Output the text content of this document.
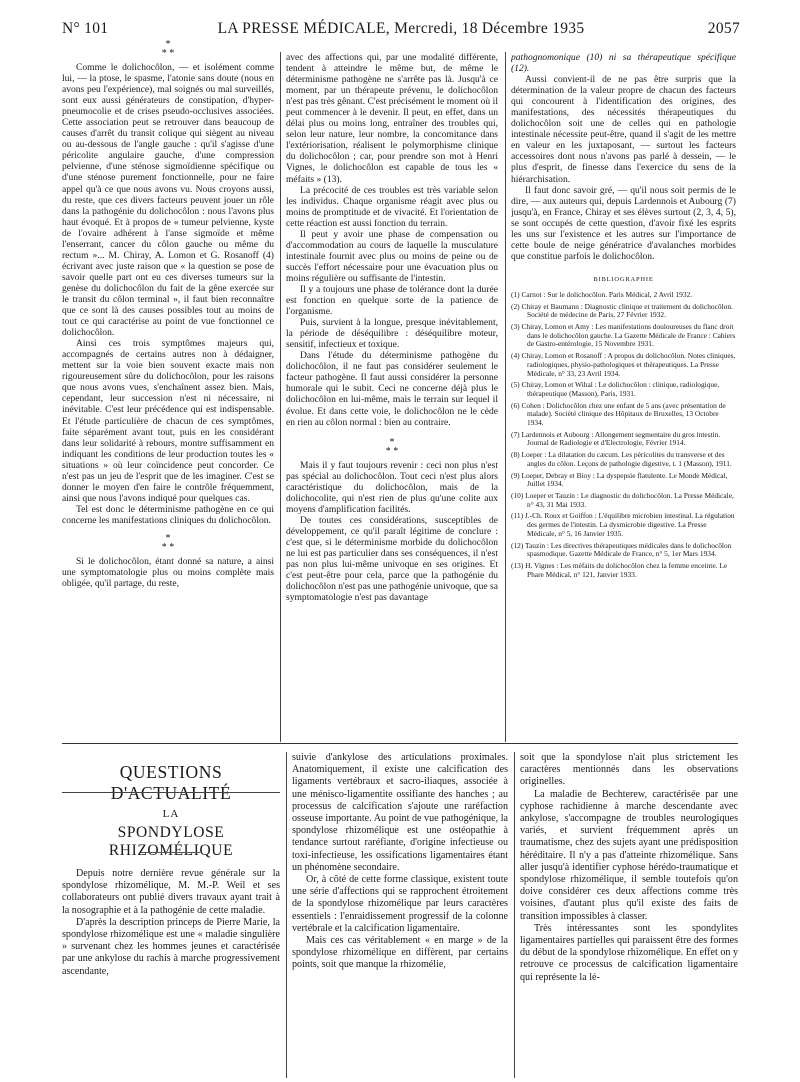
N° 101	LA PRESSE MÉDICALE, Mercredi, 18 Décembre 1935	2057
*
* *

Comme le dolichocôlon, — et isolément comme lui, — la ptose, le spasme, l'atonie sans doute (nous en avons peu l'expérience), mal soignés ou mal surveillés, sont eux aussi générateurs de constipation, d'hyper-pneumocolie et de crises pseudo-occlusives associées. Cette association peut se retrouver dans beaucoup de causes d'arrêt du transit colique qui siègent au niveau ou au-dessous de l'angle gauche : qu'il s'agisse d'une péricolite angulaire gauche, d'une compression pelvienne, d'une sténose sigmoïdienne spécifique ou d'une sténose purement fonctionnelle, pour ne faire appel qu'à ce que nous avons vu. Nous croyons aussi, du reste, que ces divers facteurs peuvent jouer un rôle dans la pathogénie du dolichocôlon : nous l'avons plus haut évoqué. Et à propos de « tumeur pelvienne, kyste de l'ovaire adhérent à l'anse sigmoïde et même l'enserrant, cancer du côlon gauche ou même du rectum »... M. Chiray, A. Lomon et G. Rosanoff (4) écrivant avec juste raison que « la question se pose de savoir quelle part ont eu ces diverses tumeurs sur la genèse du dolichocôlon du fait de la gêne exercée sur le transit du côlon terminal », il faut bien reconnaître que ce sont là des causes possibles tout au moins de tout ce qui caractérise au point de vue fonctionnel ce dolichocôlon.

Ainsi ces trois symptômes majeurs qui, accompagnés de certains autres non à dédaigner, mettent sur la voie bien souvent exacte mais non rigoureusement sûre du dolichocôlon, pour les raisons que nous avons vues, s'enchaînent assez bien. Mais, cependant, leur succession n'est ni nécessaire, ni inévitable. C'est leur précédence qui est indispensable. Et l'étude particulière de chacun de ces symptômes, faite séparément avant tout, puis en les considérant dans leur solidarité à rebours, montre suffisamment en indiquant les conditions de leur production toutes les « situations » où leur coïncidence peut concorder. Ce n'est pas un jeu de l'esprit que de les imaginer. C'est se donner le moyen d'en faire le contrôle fréquemment, ainsi que nous l'avons indiqué pour quelques cas.

Tel est donc le déterminisme pathogène en ce qui concerne les manifestations cliniques du dolichocôlon.

*
* *

Si le dolichocôlon, étant donné sa nature, a ainsi une symptomatologie plus ou moins complète mais obligée, qu'il partage, du reste,

avec des affections qui, par une modalité différente, tendent à atteindre le même but, de même le déterminisme pathogène ne s'arrête pas là. Jusqu'à ce moment, par un thérapeute prévenu, le dolichocôlon n'est pas très gênant. C'est précisément le moment où il peut commencer à le devenir. Il peut, en effet, dans un délai plus ou moins long, entraîner des troubles qui, selon leur nature, leur nombre, la concomitance dans l'extériorisation, réalisent le polymorphisme clinique du dolichocôlon ; car, pour prendre son mot à Henri Vignes, le dolichocôlon est capable de tous les « méfaits » (13).

La précocité de ces troubles est très variable selon les individus. Chaque organisme réagit avec plus ou moins de promptitude et de vivacité. Et l'orientation de cette réaction est aussi fonction du terrain.

Il peut y avoir une phase de compensation ou d'accommodation au cours de laquelle la musculature intestinale fournit avec plus ou moins de peine ou de succès l'effort nécessaire pour une évacuation plus ou moins régulière ou suffisante de l'intestin.

Il y a toujours une phase de tolérance dont la durée est fonction en quelque sorte de la patience de l'organisme.

Puis, survient à la longue, presque inévitablement, la période de déséquilibre : déséquilibre moteur, sensitif, infectieux et toxique.

Dans l'étude du déterminisme pathogène du dolichocôlon, il ne faut pas considérer seulement le facteur pathogène. Il faut aussi considérer la personne humorale qui le subit. Ceci ne concerne déjà plus le dolichocôlon en lui-même, mais le terrain sur lequel il évolue. Et dans cette voie, le dolichocôlon ne le cède en rien au côlon normal : bien au contraire.

*
* *

Mais il y faut toujours revenir : ceci non plus n'est pas spécial au dolichocôlon. Tout ceci n'est plus alors caractéristique du dolichocôlon, mais de la dolichocolite, qui n'est rien de plus qu'une colite aux moyens d'amplification facilités.

De toutes ces considérations, susceptibles de développement, ce qu'il paraît légitime de conclure : c'est que, si le déterminisme morbide du dolichocôlon ne lui est pas particulier dans ses conséquences, il n'est pas non plus lui-même univoque en ses origines. Et c'est peut-être pour cela, parce que la pathogénie du dolichocôlon n'est pas une pathogénie univoque, que sa symptomatologie n'est pas davantage

pathognomonique (10) ni sa thérapeutique spécifique (12).

Aussi convient-il de ne pas être surpris que la détermination de la valeur propre de chacun des facteurs qui concourent à l'identification des origines, des manifestations, des nécessités thérapeutiques du dolichocôlon soit une de celles qui en pathologie intestinale nécessite peut-être, quand il s'agit de les mettre en valeur en les juxtaposant, — surtout les facteurs accessoires dont nous n'avons pas parlé à dessein, — le plus d'esprit, de finesse dans l'exercice du sens de la hiérarchisation.

Il faut donc savoir gré, — qu'il nous soit permis de le dire, — aux auteurs qui, depuis Lardennois et Aubourg (7) jusqu'à, en France, Chiray et ses élèves surtout (2, 3, 4, 5), se sont occupés de cette question, d'avoir fixé les esprits les uns sur l'existence et les autres sur l'importance de cette boule de neige génératrice d'avalanches morbides que constitue parfois le dolichocôlon.

BIBLIOGRAPHIE
(1) Carnot : Sur le dolichocôlon. Paris Médical, 2 Avril 1932.
(2) Chiray et Baumann : Diagnostic clinique et traitement du dolichocôlon. Société de médecine de Paris, 27 Février 1932.
(3) Chiray, Lomon et Amy : Les manifestations douloureuses du flanc droit dans le dolichocôlon gauche. La Gazette Médicale de France : Cahiers de Gastro-entérologie, 15 Novembre 1931.
(4) Chiray, Lomon et Rosanoff : A propos du dolichocôlon. Notes cliniques, radiologiques, physio-pathologiques et thérapeutiques. La Presse Médicale, n° 33, 23 Avril 1934.
(5) Chiray, Lomon et Wihal : Le dolichocôlon : clinique, radiologique, thérapeutique (Masson), Paris, 1931.
(6) Cohen : Dolichocôlon chez une enfant de 5 ans (avec présentation de malade). Société clinique des Hôpitaux de Bruxelles, 13 Octobre 1934.
(7) Lardennois et Aubourg : Allongement segmentaire du gros intestin. Journal de Radiologie et d'Electrologie, Février 1914.
(8) Loeper : La dilatation du cæcum. Les péricolites du transverse et des angles du côlon. Leçons de pathologie digestive, t. 1 (Masson), 1911.
(9) Loeper, Debray et Bioy : La dyspepsie flatulente. Le Monde Médical, Juillet 1934.
(10) Loeper et Tauzin : Le diagnostic du dolichocôlon. La Presse Médicale, n° 43, 31 Mai 1933.
(11) J.-Ch. Roux et Goiffon : L'équilibre microbien intestinal. La régulation des germes de l'intestin. La dysmicrobie digestive. La Presse Médicale, n° 5, 16 Janvier 1935.
(12) Tauzin : Les directives thérapeutiques médicales dans le dolichocôlon spasmodique. Gazette Médicale de France, n° 5, 1er Mars 1934.
(13) H. Vignes : Les méfaits du dolichocôlon chez la femme enceinte. Le Phare Médical, n° 121, Janvier 1933.
QUESTIONS D'ACTUALITÉ
LA
SPONDYLOSE RHIZOMÉLIQUE

Depuis notre dernière revue générale sur la spondylose rhizomélique, M. M.-P. Weil et ses collaborateurs ont publié divers travaux ayant trait à la nosographie et à la pathogénie de cette maladie.

D'après la description princeps de Pierre Marie, la spondylose rhizomélique est une « maladie singulière » survenant chez les hommes jeunes et caractérisée par une ankylose du rachis à marche progressivement ascendante,

suivie d'ankylose des articulations proximales. Anatomiquement, il existe une calcification des ligaments vertébraux et sacro-iliaques, associée à une ménisco-ligamentite ossifiante des hanches ; au processus de calcification s'ajoute une raréfaction osseuse importante. Au point de vue pathogénique, la spondylose rhizomélique est une ostéopathie à tendance surtout raréfiante, d'origine infectieuse ou toxi-infectieuse, les ossifications ligamentaires étant un phénomène secondaire.

Or, à côté de cette forme classique, existent toute une série d'affections qui se rapprochent étroitement de la spondylose rhizomélique par leurs caractères essentiels : l'enraidissement progressif de la colonne vertébrale et la calcification ligamentaire.

Mais ces cas véritablement « en marge » de la spondylose rhizomélique en diffèrent, par certains points, soit que manque la rhizomélie,

soit que la spondylose n'ait plus strictement les caractères mentionnés dans les observations originelles.

La maladie de Bechterew, caractérisée par une cyphose rachidienne à marche descendante avec ankylose, s'accompagne de troubles neurologiques variés, et survient fréquemment après un traumatisme, chez des sujets ayant une prédisposition héréditaire. Il n'y a pas d'atteinte rhizomélique. Sans aller jusqu'à identifier cyphose hérédo-traumatique et spondylose rhizomélique, il semble toutefois qu'on doive considérer ces deux affections comme très voisines, d'autant plus qu'il existe des faits de transition impossibles à classer.

Très intéressantes sont les spondylites ligamentaires partielles qui paraissent être des formes du début de la spondylose rhizomélique. En effet on y retrouve ce processus de calcification ligamentaire qui représente la lé-
